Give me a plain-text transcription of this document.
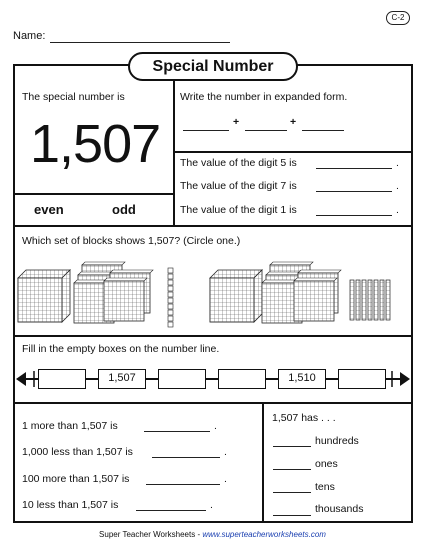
C-2
Name:
Special Number
The special number is
1,507
even	odd
Write the number in expanded form.
+	+
The value of the digit 5 is	.
The value of the digit 7 is	.
The value of the digit 1 is	.
Which set of blocks shows 1,507? (Circle one.)
Fill in the empty boxes on the number line.
1,507	1,510
1 more than 1,507 is	.
1,000 less than 1,507 is	.
100 more than 1,507 is	.
10 less than 1,507 is	.
1,507 has . . .
hundreds
ones
tens
thousands
Super Teacher Worksheets - www.superteacherworksheets.com
